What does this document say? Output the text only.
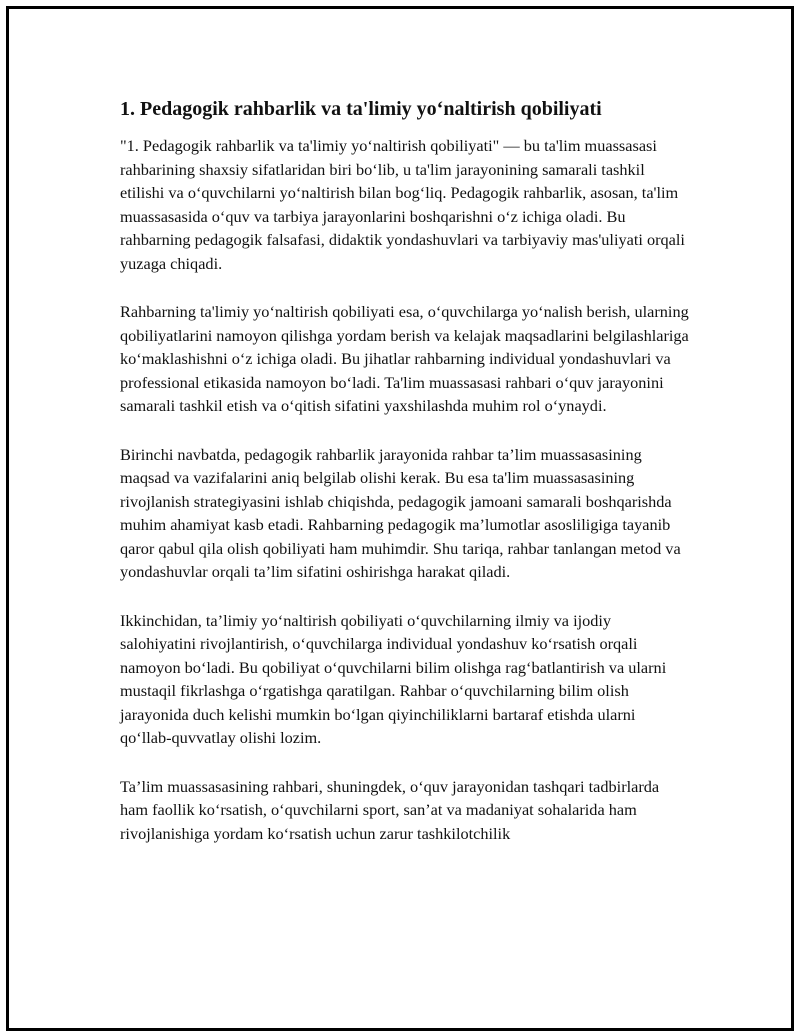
1. Pedagogik rahbarlik va ta'limiy yo‘naltirish qobiliyati

"1. Pedagogik rahbarlik va ta'limiy yo‘naltirish qobiliyati" — bu ta'lim muassasasi rahbarining shaxsiy sifatlaridan biri bo‘lib, u ta'lim jarayonining samarali tashkil etilishi va o‘quvchilarni yo‘naltirish bilan bog‘liq. Pedagogik rahbarlik, asosan, ta'lim muassasasida o‘quv va tarbiya jarayonlarini boshqarishni o‘z ichiga oladi. Bu rahbarning pedagogik falsafasi, didaktik yondashuvlari va tarbiyaviy mas'uliyati orqali yuzaga chiqadi.

Rahbarning ta'limiy yo‘naltirish qobiliyati esa, o‘quvchilarga yo‘nalish berish, ularning qobiliyatlarini namoyon qilishga yordam berish va kelajak maqsadlarini belgilashlariga ko‘maklashishni o‘z ichiga oladi. Bu jihatlar rahbarning individual yondashuvlari va professional etikasida namoyon bo‘ladi. Ta'lim muassasasi rahbari o‘quv jarayonini samarali tashkil etish va o‘qitish sifatini yaxshilashda muhim rol o‘ynaydi.

Birinchi navbatda, pedagogik rahbarlik jarayonida rahbar ta’lim muassasasining maqsad va vazifalarini aniq belgilab olishi kerak. Bu esa ta'lim muassasasining rivojlanish strategiyasini ishlab chiqishda, pedagogik jamoani samarali boshqarishda muhim ahamiyat kasb etadi. Rahbarning pedagogik ma’lumotlar asosliligiga tayanib qaror qabul qila olish qobiliyati ham muhimdir. Shu tariqa, rahbar tanlangan metod va yondashuvlar orqali ta’lim sifatini oshirishga harakat qiladi.

Ikkinchidan, ta’limiy yo‘naltirish qobiliyati o‘quvchilarning ilmiy va ijodiy salohiyatini rivojlantirish, o‘quvchilarga individual yondashuv ko‘rsatish orqali namoyon bo‘ladi. Bu qobiliyat o‘quvchilarni bilim olishga rag‘batlantirish va ularni mustaqil fikrlashga o‘rgatishga qaratilgan. Rahbar o‘quvchilarning bilim olish jarayonida duch kelishi mumkin bo‘lgan qiyinchiliklarni bartaraf etishda ularni qo‘llab-quvvatlay olishi lozim.

Ta’lim muassasasining rahbari, shuningdek, o‘quv jarayonidan tashqari tadbirlarda ham faollik ko‘rsatish, o‘quvchilarni sport, san’at va madaniyat sohalarida ham rivojlanishiga yordam ko‘rsatish uchun zarur tashkilotchilik
